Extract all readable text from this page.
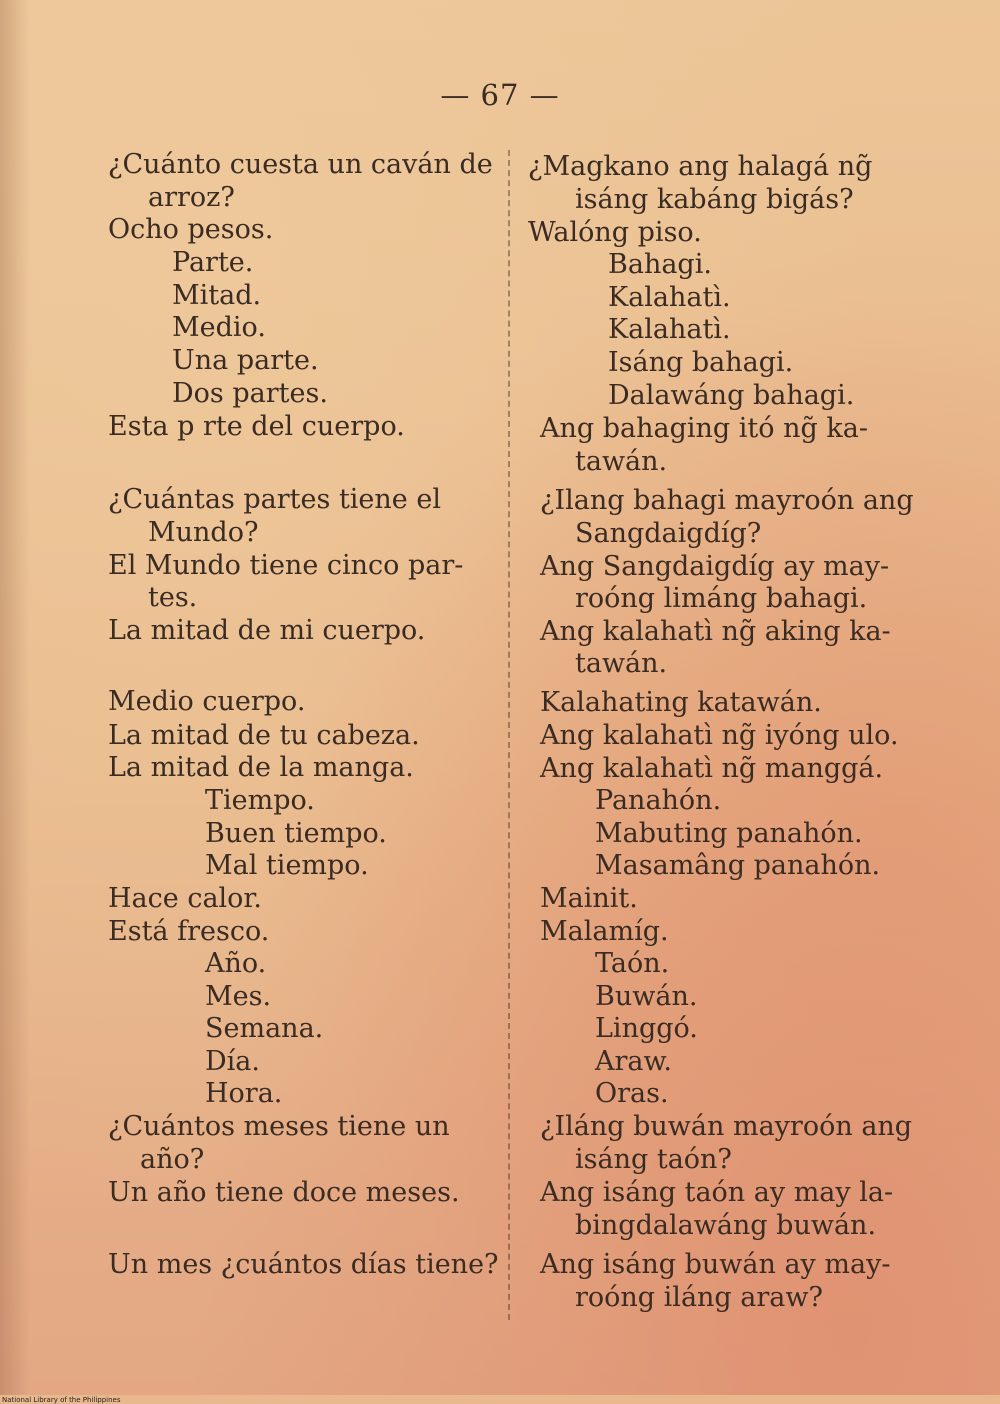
— 67 —
¿Cuánto cuesta un caván de
arroz?
Ocho pesos.
Parte.
Mitad.
Medio.
Una parte.
Dos partes.
Esta p rte del cuerpo.
¿Cuántas partes tiene el
Mundo?
El Mundo tiene cinco par-
tes.
La mitad de mi cuerpo.
Medio cuerpo.
La mitad de tu cabeza.
La mitad de la manga.
Tiempo.
Buen tiempo.
Mal tiempo.
Hace calor.
Está fresco.
Año.
Mes.
Semana.
Día.
Hora.
¿Cuántos meses tiene un
año?
Un año tiene doce meses.
Un mes ¿cuántos días tiene?
¿Magkano ang halagá ng̃
isáng kabáng bigás?
Walóng piso.
Bahagi.
Kalahatì.
Kalahatì.
Isáng bahagi.
Dalawáng bahagi.
Ang bahaging itó ng̃ ka-
tawán.
¿Ilang bahagi mayroón ang
Sangdaigdíg?
Ang Sangdaigdíg ay may-
roóng limáng bahagi.
Ang kalahatì ng̃ aking ka-
tawán.
Kalahating katawán.
Ang kalahatì ng̃ iyóng ulo.
Ang kalahatì ng̃ manggá.
Panahón.
Mabuting panahón.
Masamâng panahón.
Mainit.
Malamíg.
Taón.
Buwán.
Linggó.
Araw.
Oras.
¿Iláng buwán mayroón ang
isáng taón?
Ang isáng taón ay may la-
bingdalawáng buwán.
Ang isáng buwán ay may-
roóng iláng araw?
National Library of the Philippines
